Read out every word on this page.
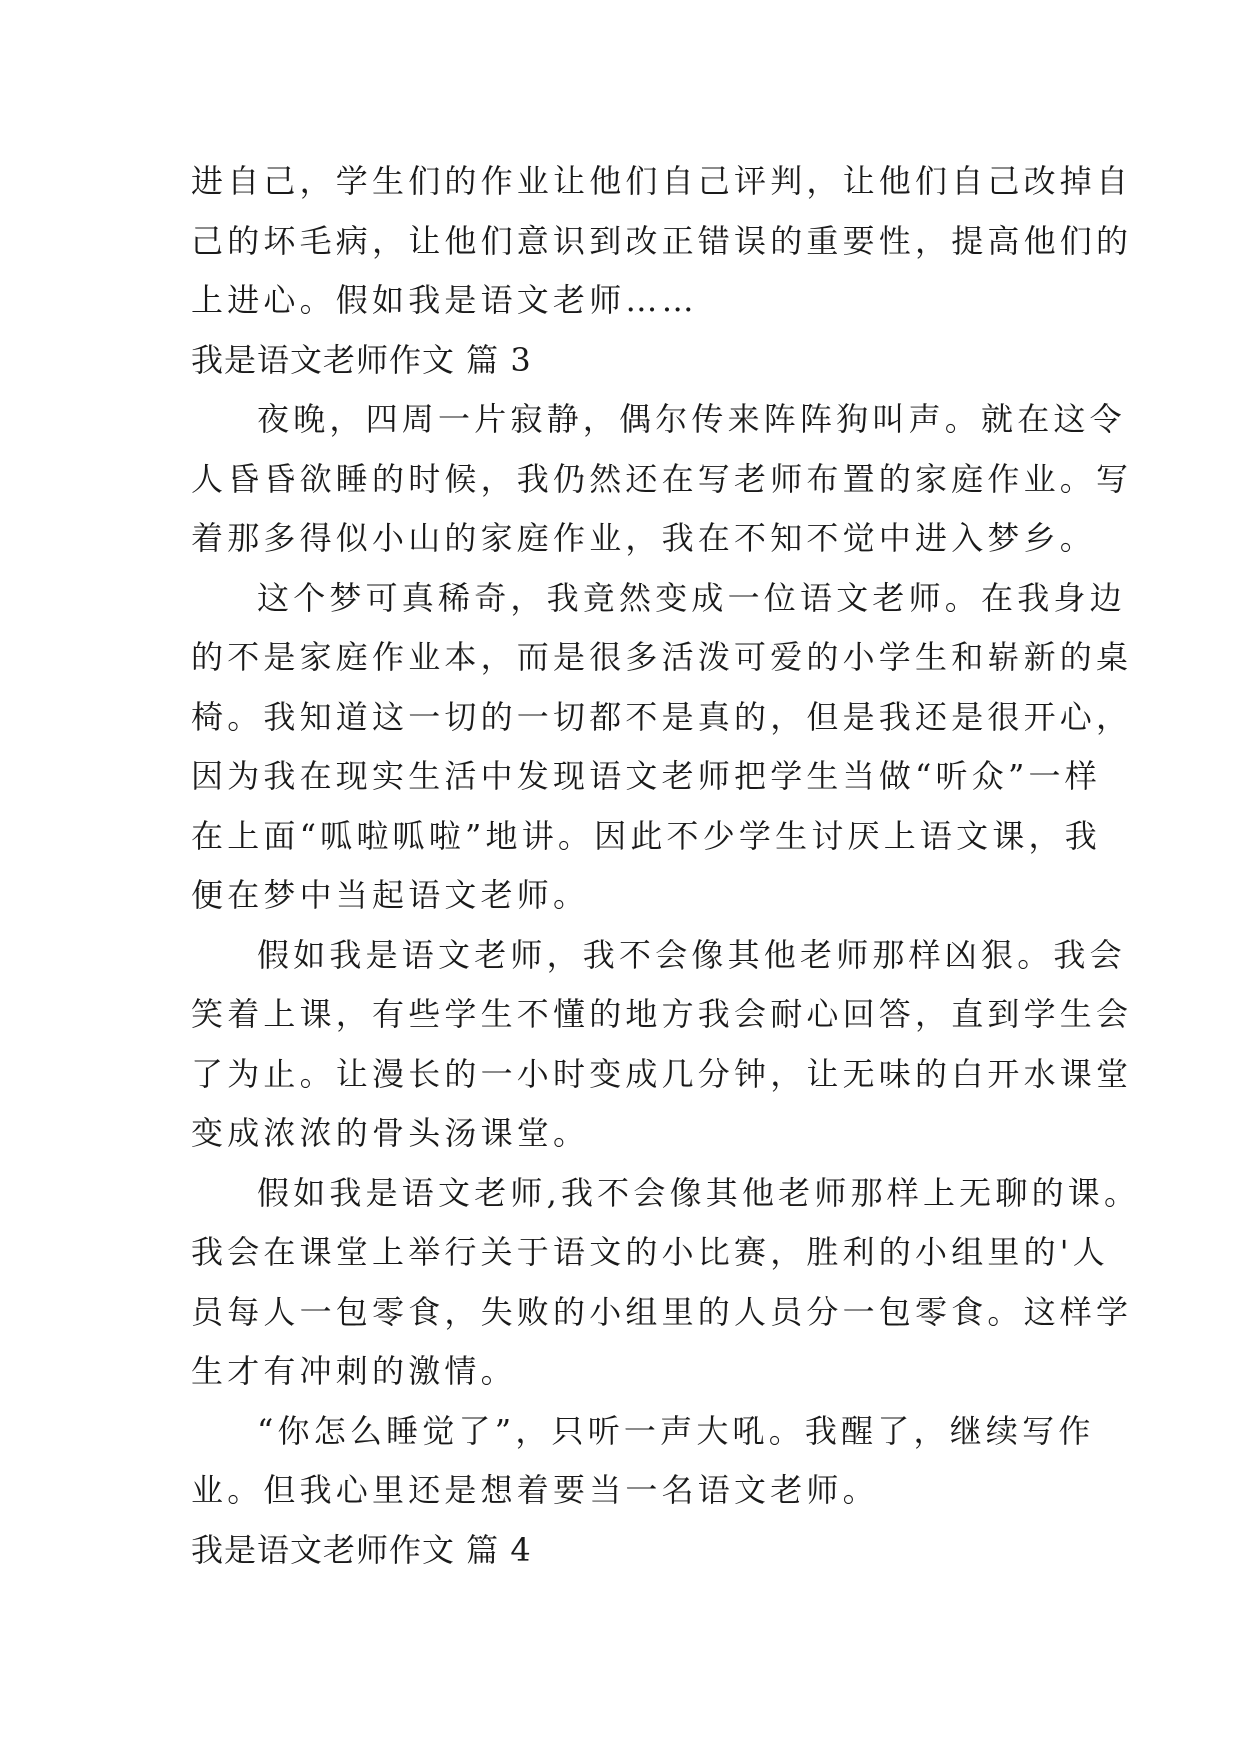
进自己，学生们的作业让他们自己评判，让他们自己改掉自
己的坏毛病，让他们意识到改正错误的重要性，提高他们的
上进心。假如我是语文老师……
我是语文老师作文 篇 3
夜晚，四周一片寂静，偶尔传来阵阵狗叫声。就在这令
人昏昏欲睡的时候，我仍然还在写老师布置的家庭作业。写
着那多得似小山的家庭作业，我在不知不觉中进入梦乡。
这个梦可真稀奇，我竟然变成一位语文老师。在我身边
的不是家庭作业本，而是很多活泼可爱的小学生和崭新的桌
椅。我知道这一切的一切都不是真的，但是我还是很开心，
因为我在现实生活中发现语文老师把学生当做“听众”一样
在上面“呱啦呱啦”地讲。因此不少学生讨厌上语文课，我
便在梦中当起语文老师。
假如我是语文老师，我不会像其他老师那样凶狠。我会
笑着上课，有些学生不懂的地方我会耐心回答，直到学生会
了为止。让漫长的一小时变成几分钟，让无味的白开水课堂
变成浓浓的骨头汤课堂。
假如我是语文老师,我不会像其他老师那样上无聊的课。
我会在课堂上举行关于语文的小比赛，胜利的小组里的'人
员每人一包零食，失败的小组里的人员分一包零食。这样学
生才有冲刺的激情。
“你怎么睡觉了”，只听一声大吼。我醒了，继续写作
业。但我心里还是想着要当一名语文老师。
我是语文老师作文 篇 4
